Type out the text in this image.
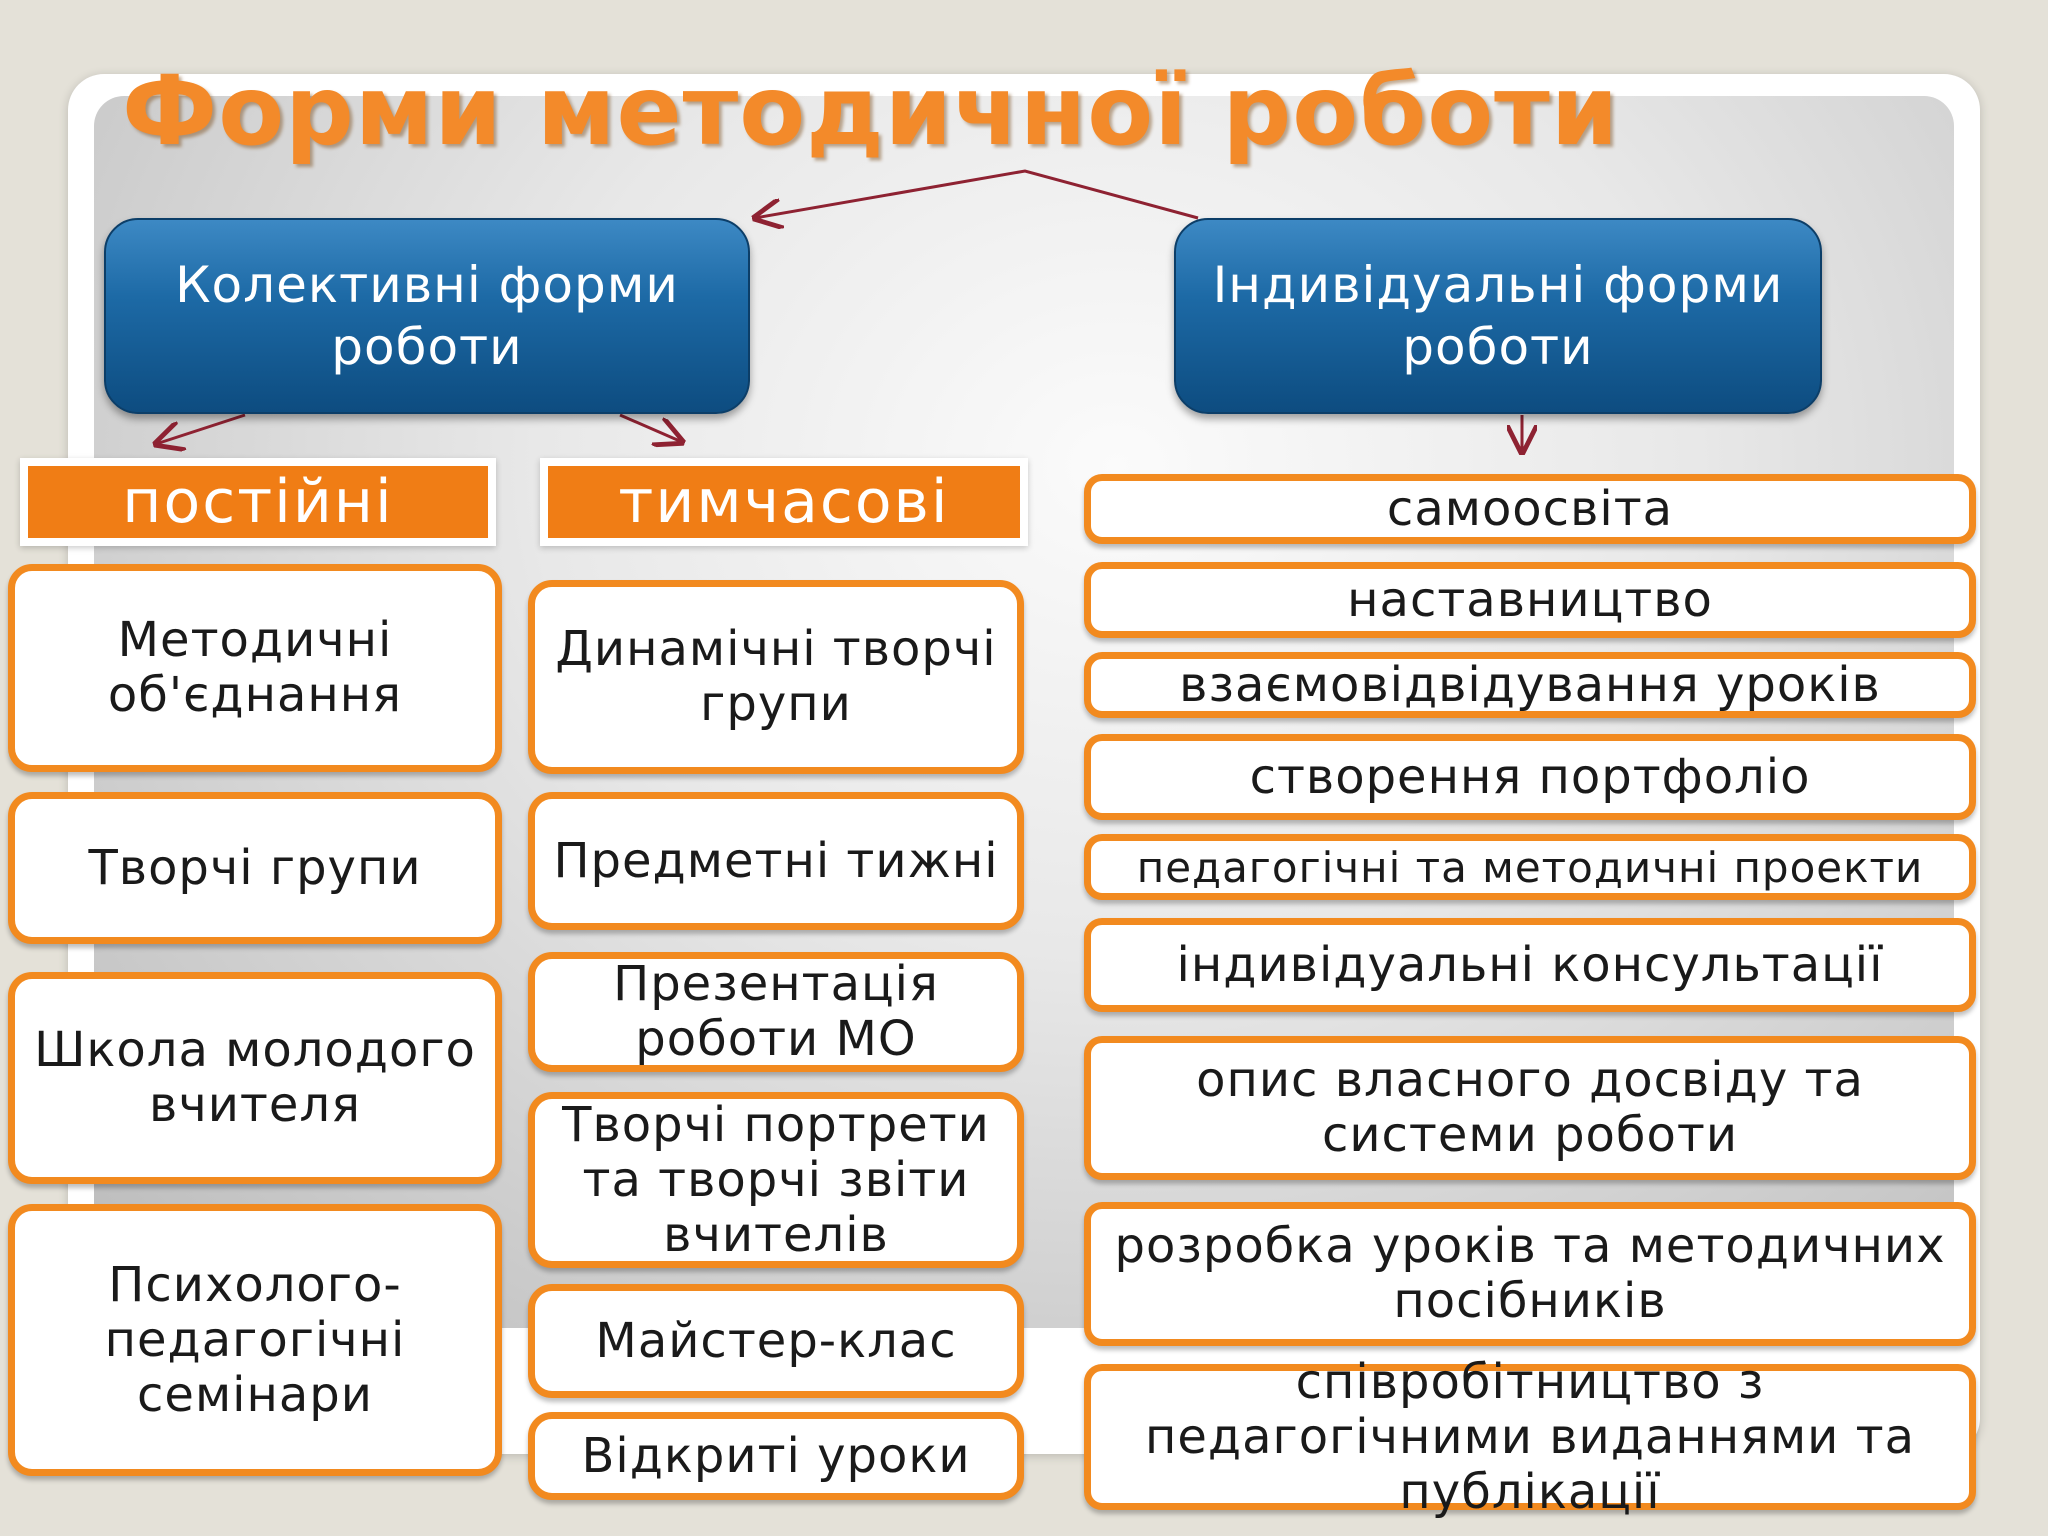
Форми методичної роботи
Колективні форми
роботи
Індивідуальні форми
роботи
постійні	тимчасові
Методичні
об'єднання
Творчі групи
Школа молодого
вчителя
Психолого-
педагогічні
семінари
Динамічні творчі
групи
Предметні тижні
Презентація
роботи МО
Творчі портрети
та творчі звіти
вчителів
Майстер-клас
Відкриті уроки
самоосвіта
наставництво
взаємовідвідування уроків
створення портфоліо
педагогічні та методичні проекти
індивідуальні консультації
опис власного досвіду та
системи роботи
розробка уроків та методичних
посібників
співробітництво з
педагогічними виданнями та
публікації
